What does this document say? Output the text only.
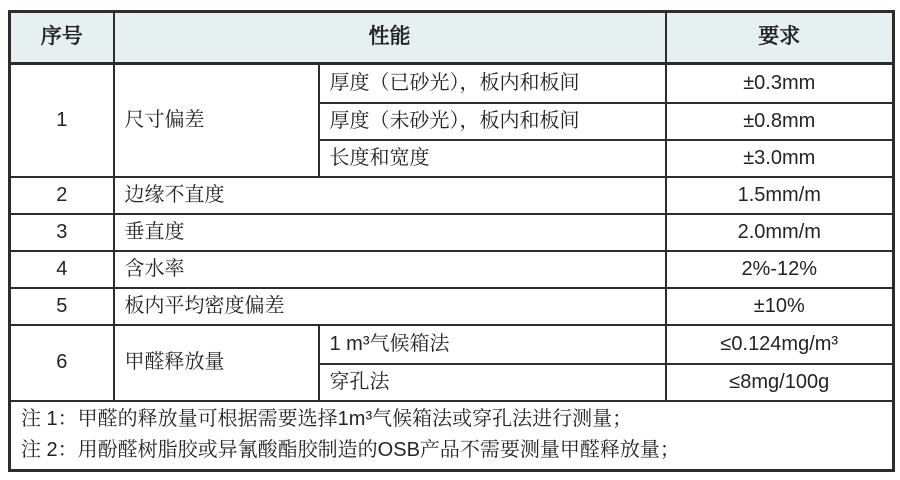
序号	性能		要求
1	尺寸偏差	厚度（已砂光），板内和板间	±0.3mm
		厚度（未砂光），板内和板间	±0.8mm
		长度和宽度	±3.0mm
2	边缘不直度		1.5mm/m
3	垂直度		2.0mm/m
4	含水率		2%-12%
5	板内平均密度偏差		±10%
6	甲醛释放量	1 m³气候箱法	≤0.124mg/m³
		穿孔法	≤8mg/100g

注 1：甲醛的释放量可根据需要选择1m³气候箱法或穿孔法进行测量；
注 2：用酚醛树脂胶或异氰酸酯胶制造的OSB产品不需要测量甲醛释放量；			
